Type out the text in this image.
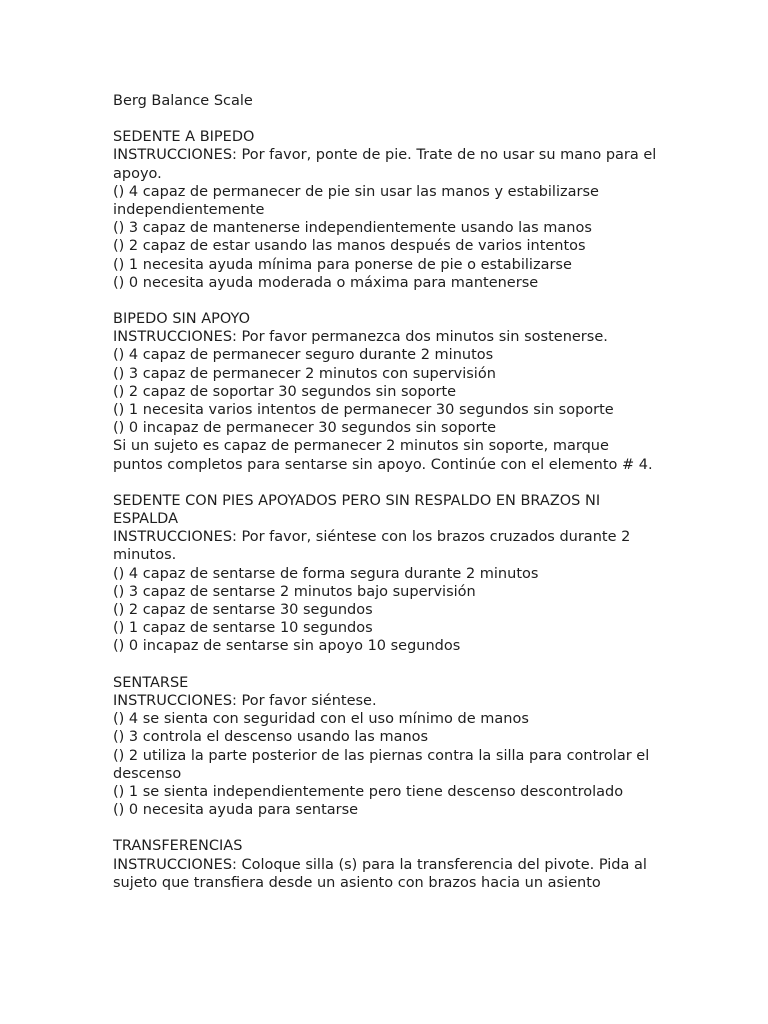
Berg Balance Scale
SEDENTE A BIPEDO
INSTRUCCIONES: Por favor, ponte de pie. Trate de no usar su mano para el apoyo.
() 4 capaz de permanecer de pie sin usar las manos y estabilizarse independientemente
() 3 capaz de mantenerse independientemente usando las manos
() 2 capaz de estar usando las manos después de varios intentos
() 1 necesita ayuda mínima para ponerse de pie o estabilizarse
() 0 necesita ayuda moderada o máxima para mantenerse
BIPEDO SIN APOYO
INSTRUCCIONES: Por favor permanezca dos minutos sin sostenerse.
() 4 capaz de permanecer seguro durante 2 minutos
() 3 capaz de permanecer 2 minutos con supervisión
() 2 capaz de soportar 30 segundos sin soporte
() 1 necesita varios intentos de permanecer 30 segundos sin soporte
() 0 incapaz de permanecer 30 segundos sin soporte
Si un sujeto es capaz de permanecer 2 minutos sin soporte, marque puntos completos para sentarse sin apoyo. Continúe con el elemento # 4.
SEDENTE CON PIES APOYADOS PERO SIN RESPALDO EN BRAZOS NI ESPALDA
INSTRUCCIONES: Por favor, siéntese con los brazos cruzados durante 2 minutos.
() 4 capaz de sentarse de forma segura durante 2 minutos
() 3 capaz de sentarse 2 minutos bajo supervisión
() 2 capaz de sentarse 30 segundos
() 1 capaz de sentarse 10 segundos
() 0 incapaz de sentarse sin apoyo 10 segundos
SENTARSE
INSTRUCCIONES: Por favor siéntese.
() 4 se sienta con seguridad con el uso mínimo de manos
() 3 controla el descenso usando las manos
() 2 utiliza la parte posterior de las piernas contra la silla para controlar el descenso
() 1 se sienta independientemente pero tiene descenso descontrolado
() 0 necesita ayuda para sentarse
TRANSFERENCIAS
INSTRUCCIONES: Coloque silla (s) para la transferencia del pivote. Pida al sujeto que transfiera desde un asiento con brazos hacia un asiento
